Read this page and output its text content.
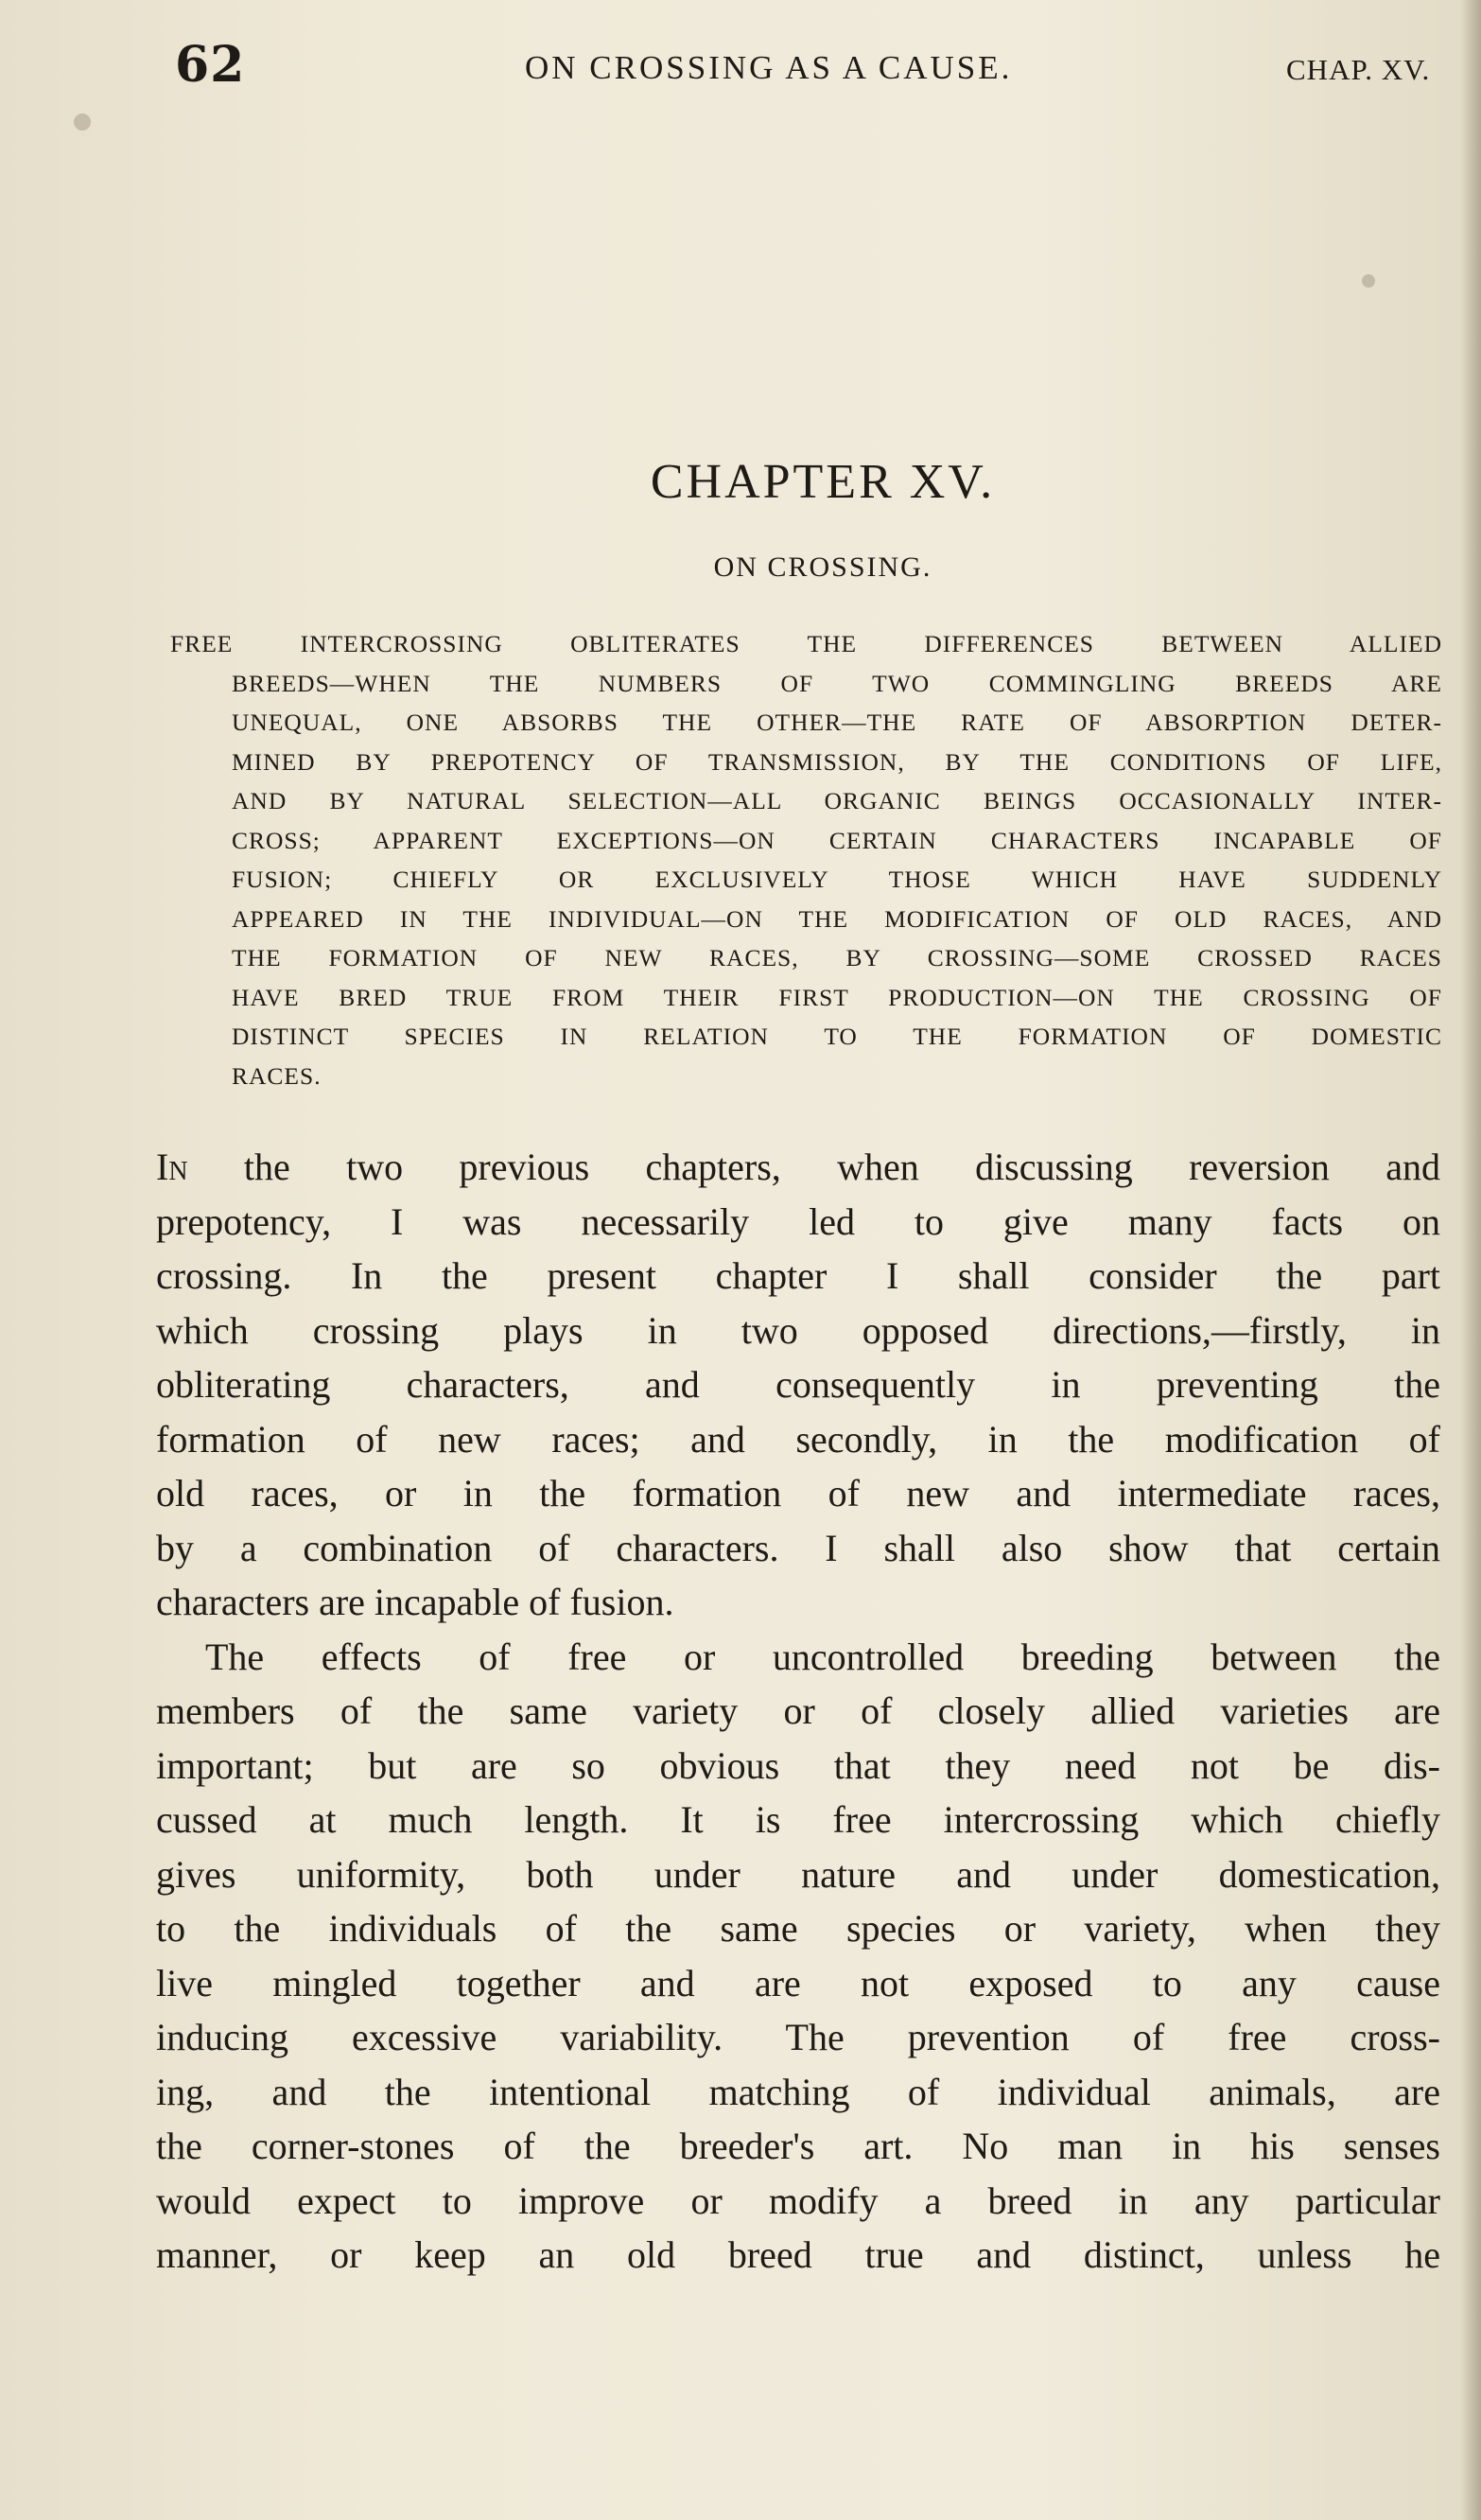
62	ON CROSSING AS A CAUSE.	CHAP. XV.
CHAPTER XV.
ON CROSSING.
FREE INTERCROSSING OBLITERATES THE DIFFERENCES BETWEEN ALLIED
BREEDS—WHEN THE NUMBERS OF TWO COMMINGLING BREEDS ARE
UNEQUAL, ONE ABSORBS THE OTHER—THE RATE OF ABSORPTION DETER-
MINED BY PREPOTENCY OF TRANSMISSION, BY THE CONDITIONS OF LIFE,
AND BY NATURAL SELECTION—ALL ORGANIC BEINGS OCCASIONALLY INTER-
CROSS; APPARENT EXCEPTIONS—ON CERTAIN CHARACTERS INCAPABLE OF
FUSION; CHIEFLY OR EXCLUSIVELY THOSE WHICH HAVE SUDDENLY
APPEARED IN THE INDIVIDUAL—ON THE MODIFICATION OF OLD RACES, AND
THE FORMATION OF NEW RACES, BY CROSSING—SOME CROSSED RACES
HAVE BRED TRUE FROM THEIR FIRST PRODUCTION—ON THE CROSSING OF
DISTINCT SPECIES IN RELATION TO THE FORMATION OF DOMESTIC
RACES.
In the two previous chapters, when discussing reversion and
prepotency, I was necessarily led to give many facts on
crossing. In the present chapter I shall consider the part
which crossing plays in two opposed directions,—firstly, in
obliterating characters, and consequently in preventing the
formation of new races; and secondly, in the modification of
old races, or in the formation of new and intermediate races,
by a combination of characters. I shall also show that certain
characters are incapable of fusion.
The effects of free or uncontrolled breeding between the
members of the same variety or of closely allied varieties are
important; but are so obvious that they need not be dis-
cussed at much length. It is free intercrossing which chiefly
gives uniformity, both under nature and under domestication,
to the individuals of the same species or variety, when they
live mingled together and are not exposed to any cause
inducing excessive variability. The prevention of free cross-
ing, and the intentional matching of individual animals, are
the corner-stones of the breeder's art. No man in his senses
would expect to improve or modify a breed in any particular
manner, or keep an old breed true and distinct, unless he
